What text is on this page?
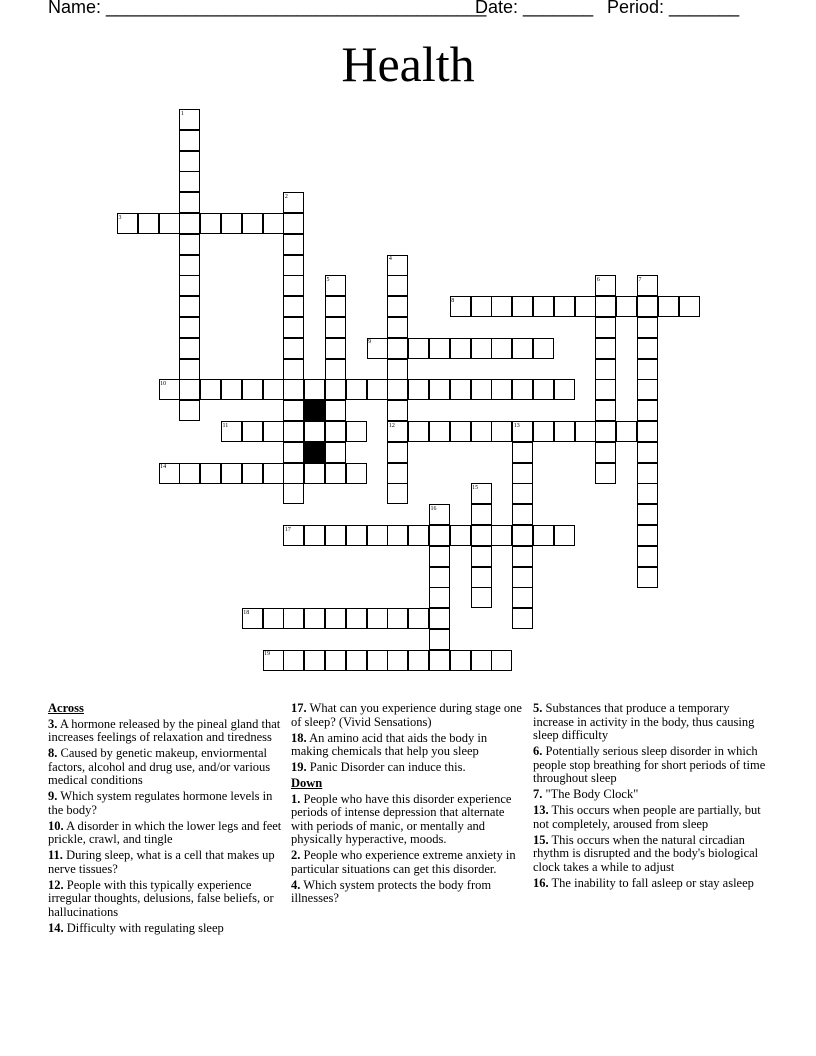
Name: ______________________________________
Date: _______ Period: _______
Health
1
2
3
4
5	6	7
8
9
10
11	12	13
14
15
16
17
18
19
Across
3. A hormone released by the pineal gland that increases feelings of relaxation and tiredness
8. Caused by genetic makeup, enviormental factors, alcohol and drug use, and/or various medical conditions
9. Which system regulates hormone levels in the body?
10. A disorder in which the lower legs and feet prickle, crawl, and tingle
11. During sleep, what is a cell that makes up nerve tissues?
12. People with this typically experience irregular thoughts, delusions, false beliefs, or hallucinations
14. Difficulty with regulating sleep
17. What can you experience during stage one of sleep? (Vivid Sensations)
18. An amino acid that aids the body in making chemicals that help you sleep
19. Panic Disorder can induce this.
Down
1. People who have this disorder experience periods of intense depression that alternate with periods of manic, or mentally and physically hyperactive, moods.
2. People who experience extreme anxiety in particular situations can get this disorder.
4. Which system protects the body from illnesses?
5. Substances that produce a temporary increase in activity in the body, thus causing sleep difficulty
6. Potentially serious sleep disorder in which people stop breathing for short periods of time throughout sleep
7. "The Body Clock"
13. This occurs when people are partially, but not completely, aroused from sleep
15. This occurs when the natural circadian rhythm is disrupted and the body's biological clock takes a while to adjust
16. The inability to fall asleep or stay asleep
